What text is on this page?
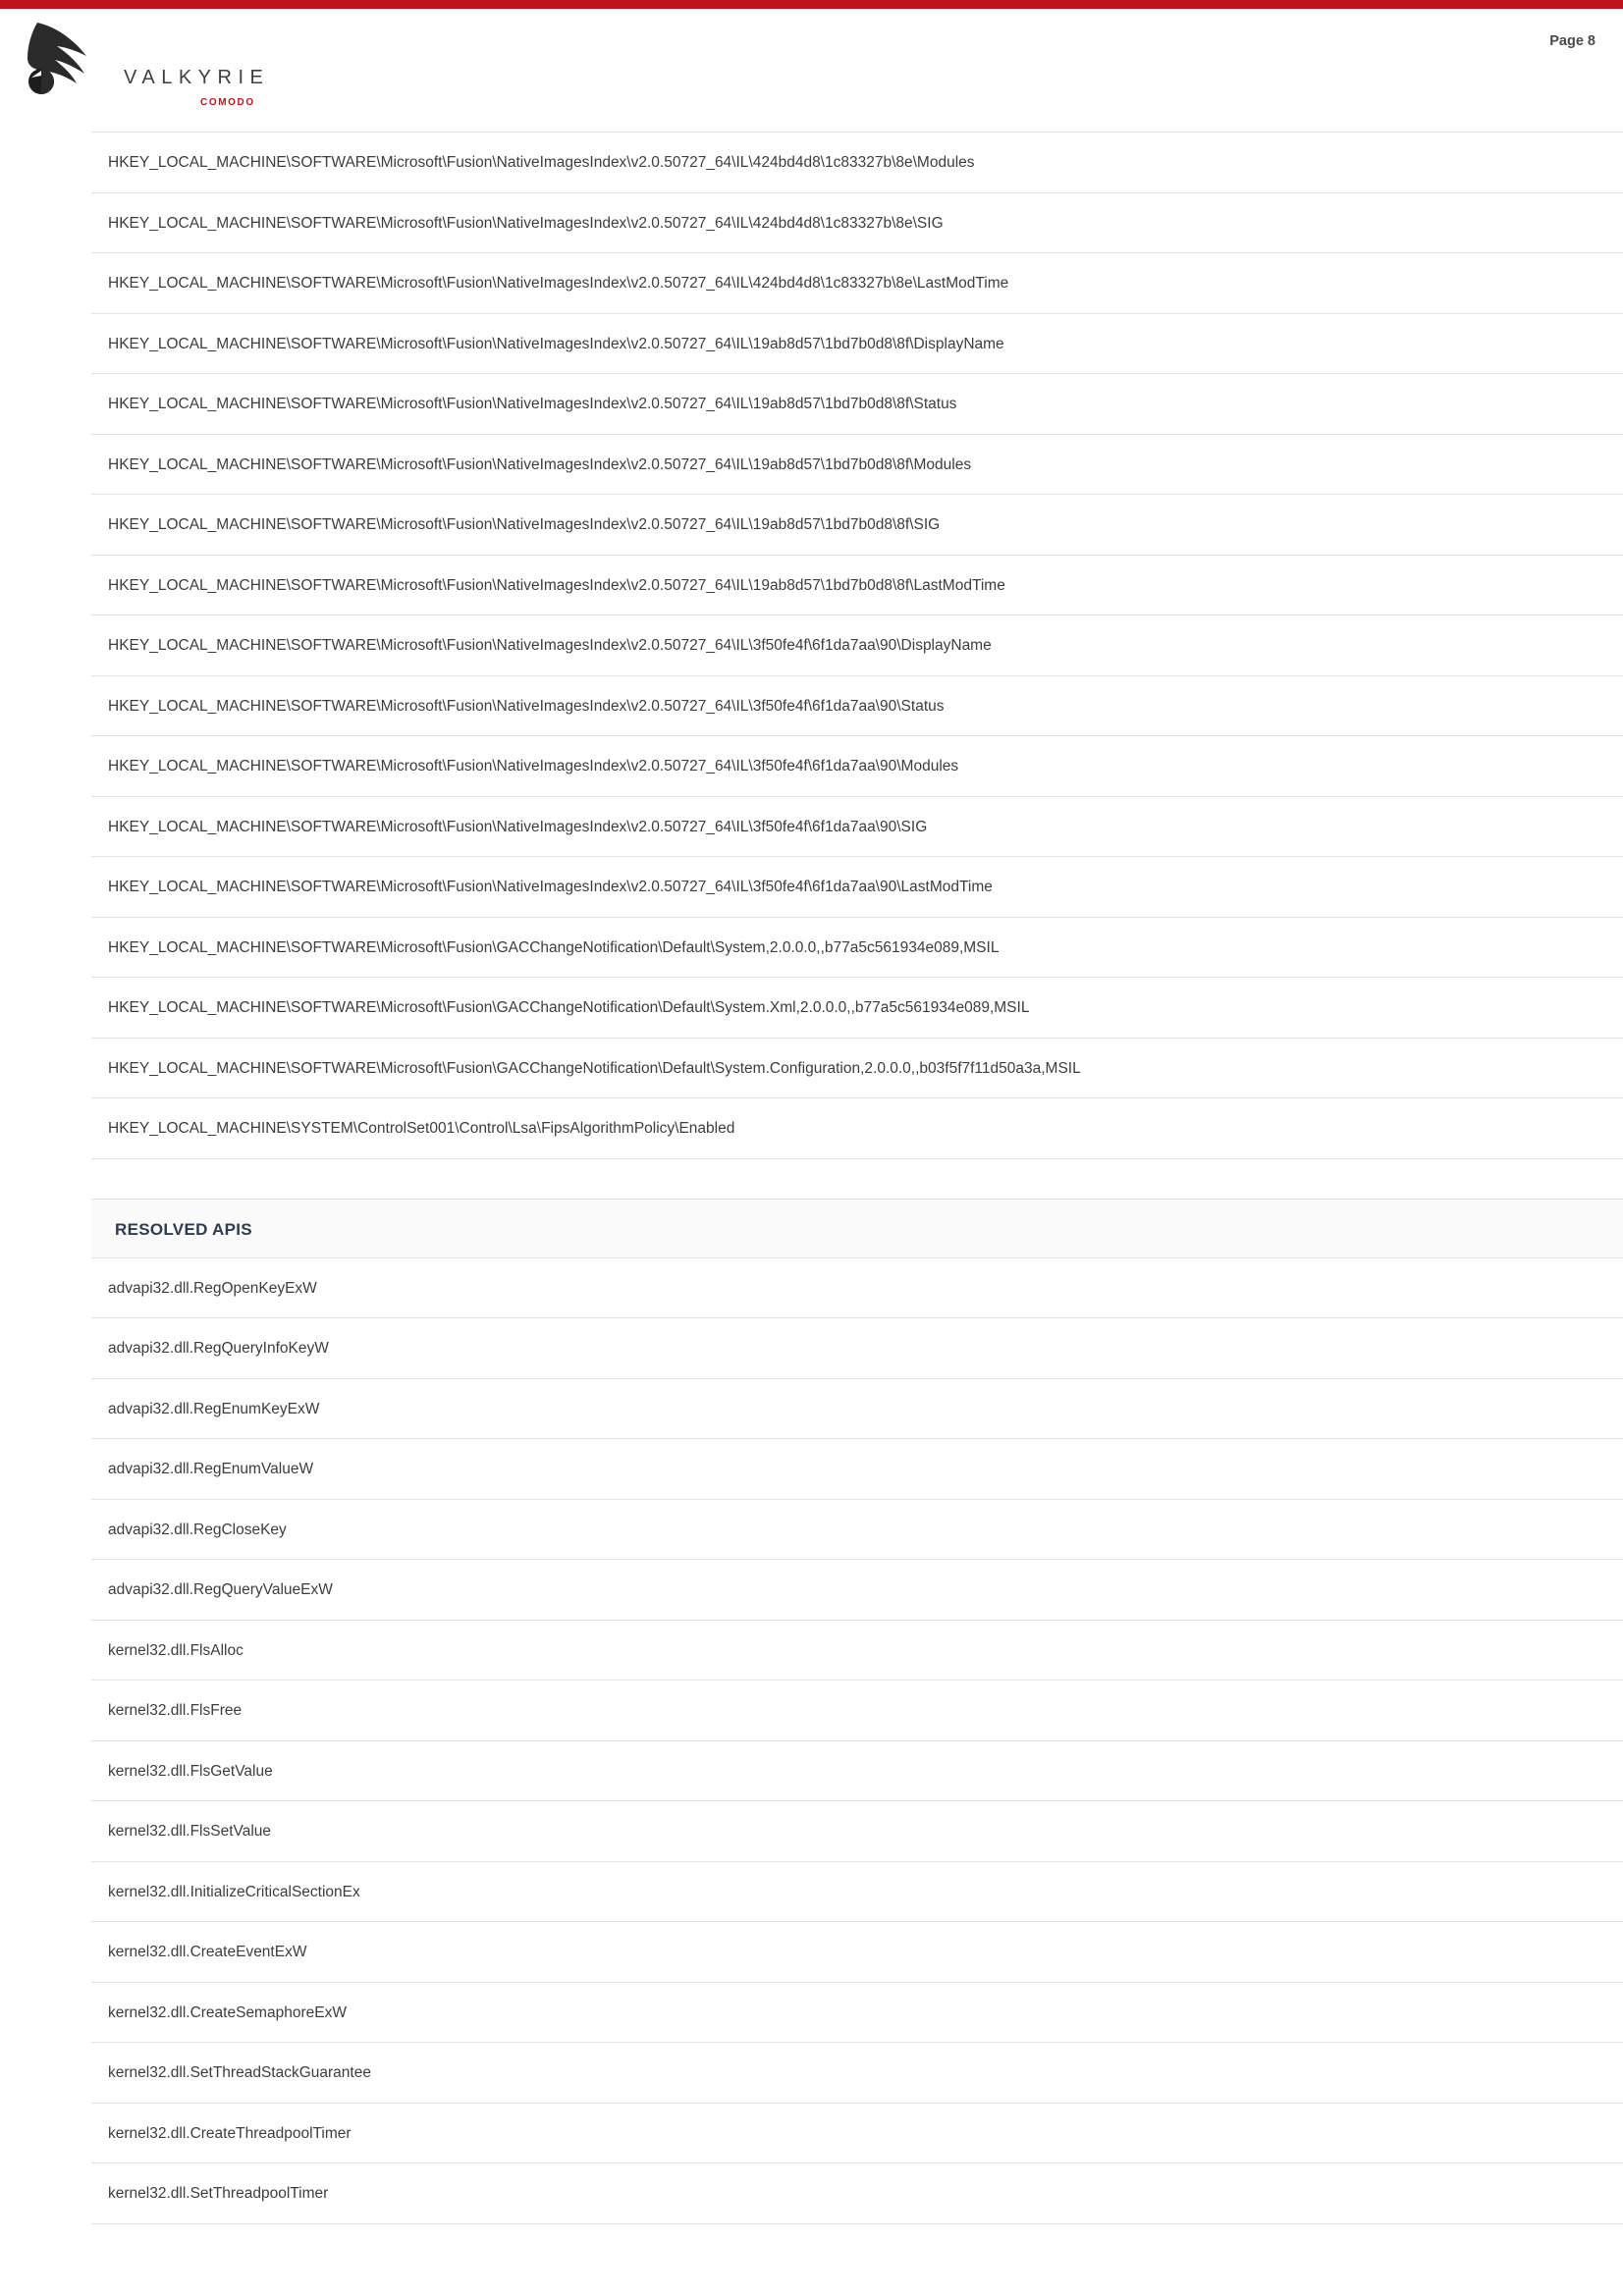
VALKYRIE
COMODO
Page 8
HKEY_LOCAL_MACHINE\SOFTWARE\Microsoft\Fusion\NativeImagesIndex\v2.0.50727_64\IL\424bd4d8\1c83327b\8e\Modules
HKEY_LOCAL_MACHINE\SOFTWARE\Microsoft\Fusion\NativeImagesIndex\v2.0.50727_64\IL\424bd4d8\1c83327b\8e\SIG
HKEY_LOCAL_MACHINE\SOFTWARE\Microsoft\Fusion\NativeImagesIndex\v2.0.50727_64\IL\424bd4d8\1c83327b\8e\LastModTime
HKEY_LOCAL_MACHINE\SOFTWARE\Microsoft\Fusion\NativeImagesIndex\v2.0.50727_64\IL\19ab8d57\1bd7b0d8\8f\DisplayName
HKEY_LOCAL_MACHINE\SOFTWARE\Microsoft\Fusion\NativeImagesIndex\v2.0.50727_64\IL\19ab8d57\1bd7b0d8\8f\Status
HKEY_LOCAL_MACHINE\SOFTWARE\Microsoft\Fusion\NativeImagesIndex\v2.0.50727_64\IL\19ab8d57\1bd7b0d8\8f\Modules
HKEY_LOCAL_MACHINE\SOFTWARE\Microsoft\Fusion\NativeImagesIndex\v2.0.50727_64\IL\19ab8d57\1bd7b0d8\8f\SIG
HKEY_LOCAL_MACHINE\SOFTWARE\Microsoft\Fusion\NativeImagesIndex\v2.0.50727_64\IL\19ab8d57\1bd7b0d8\8f\LastModTime
HKEY_LOCAL_MACHINE\SOFTWARE\Microsoft\Fusion\NativeImagesIndex\v2.0.50727_64\IL\3f50fe4f\6f1da7aa\90\DisplayName
HKEY_LOCAL_MACHINE\SOFTWARE\Microsoft\Fusion\NativeImagesIndex\v2.0.50727_64\IL\3f50fe4f\6f1da7aa\90\Status
HKEY_LOCAL_MACHINE\SOFTWARE\Microsoft\Fusion\NativeImagesIndex\v2.0.50727_64\IL\3f50fe4f\6f1da7aa\90\Modules
HKEY_LOCAL_MACHINE\SOFTWARE\Microsoft\Fusion\NativeImagesIndex\v2.0.50727_64\IL\3f50fe4f\6f1da7aa\90\SIG
HKEY_LOCAL_MACHINE\SOFTWARE\Microsoft\Fusion\NativeImagesIndex\v2.0.50727_64\IL\3f50fe4f\6f1da7aa\90\LastModTime
HKEY_LOCAL_MACHINE\SOFTWARE\Microsoft\Fusion\GACChangeNotification\Default\System,2.0.0.0,,b77a5c561934e089,MSIL
HKEY_LOCAL_MACHINE\SOFTWARE\Microsoft\Fusion\GACChangeNotification\Default\System.Xml,2.0.0.0,,b77a5c561934e089,MSIL
HKEY_LOCAL_MACHINE\SOFTWARE\Microsoft\Fusion\GACChangeNotification\Default\System.Configuration,2.0.0.0,,b03f5f7f11d50a3a,MSIL
HKEY_LOCAL_MACHINE\SYSTEM\ControlSet001\Control\Lsa\FipsAlgorithmPolicy\Enabled
RESOLVED APIS
advapi32.dll.RegOpenKeyExW
advapi32.dll.RegQueryInfoKeyW
advapi32.dll.RegEnumKeyExW
advapi32.dll.RegEnumValueW
advapi32.dll.RegCloseKey
advapi32.dll.RegQueryValueExW
kernel32.dll.FlsAlloc
kernel32.dll.FlsFree
kernel32.dll.FlsGetValue
kernel32.dll.FlsSetValue
kernel32.dll.InitializeCriticalSectionEx
kernel32.dll.CreateEventExW
kernel32.dll.CreateSemaphoreExW
kernel32.dll.SetThreadStackGuarantee
kernel32.dll.CreateThreadpoolTimer
kernel32.dll.SetThreadpoolTimer
